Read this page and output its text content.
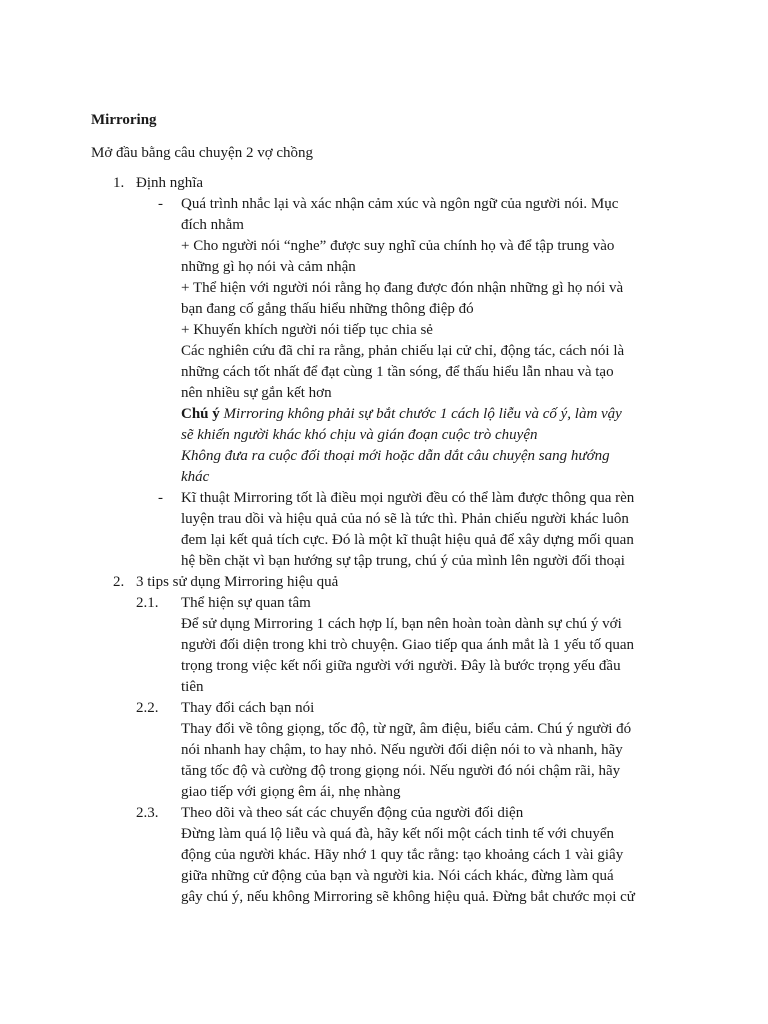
Mirroring
Mở đầu bằng câu chuyện 2 vợ chồng
1. Định nghĩa
- Quá trình nhắc lại và xác nhận cảm xúc và ngôn ngữ của người nói. Mục
đích nhằm
+ Cho người nói “nghe” được suy nghĩ của chính họ và để tập trung vào
những gì họ nói và cảm nhận
+ Thể hiện với người nói rằng họ đang được đón nhận những gì họ nói và
bạn đang cố gắng thấu hiểu những thông điệp đó
+ Khuyến khích người nói tiếp tục chia sẻ
Các nghiên cứu đã chỉ ra rằng, phản chiếu lại cử chỉ, động tác, cách nói là
những cách tốt nhất để đạt cùng 1 tần sóng, để thấu hiểu lẫn nhau và tạo
nên nhiều sự gắn kết hơn
Chú ý Mirroring không phải sự bắt chước 1 cách lộ liễu và cố ý, làm vậy
sẽ khiến người khác khó chịu và gián đoạn cuộc trò chuyện
Không đưa ra cuộc đối thoại mới hoặc dẫn dắt câu chuyện sang hướng
khác
- Kĩ thuật Mirroring tốt là điều mọi người đều có thể làm được thông qua rèn
luyện trau dồi và hiệu quả của nó sẽ là tức thì. Phản chiếu người khác luôn
đem lại kết quả tích cực. Đó là một kĩ thuật hiệu quả để xây dựng mối quan
hệ bền chặt vì bạn hướng sự tập trung, chú ý của mình lên người đối thoại
2. 3 tips sử dụng Mirroring hiệu quả
2.1. Thể hiện sự quan tâm
Để sử dụng Mirroring 1 cách hợp lí, bạn nên hoàn toàn dành sự chú ý với
người đối diện trong khi trò chuyện. Giao tiếp qua ánh mắt là 1 yếu tố quan
trọng trong việc kết nối giữa người với người. Đây là bước trọng yếu đầu
tiên
2.2. Thay đổi cách bạn nói
Thay đổi về tông giọng, tốc độ, từ ngữ, âm điệu, biểu cảm. Chú ý người đó
nói nhanh hay chậm, to hay nhỏ. Nếu người đối diện nói to và nhanh, hãy
tăng tốc độ và cường độ trong giọng nói. Nếu người đó nói chậm rãi, hãy
giao tiếp với giọng êm ái, nhẹ nhàng
2.3. Theo dõi và theo sát các chuyển động của người đối diện
Đừng làm quá lộ liễu và quá đà, hãy kết nối một cách tinh tế với chuyển
động của người khác. Hãy nhớ 1 quy tắc rằng: tạo khoảng cách 1 vài giây
giữa những cử động của bạn và người kia. Nói cách khác, đừng làm quá
gây chú ý, nếu không Mirroring sẽ không hiệu quả. Đừng bắt chước mọi cử
